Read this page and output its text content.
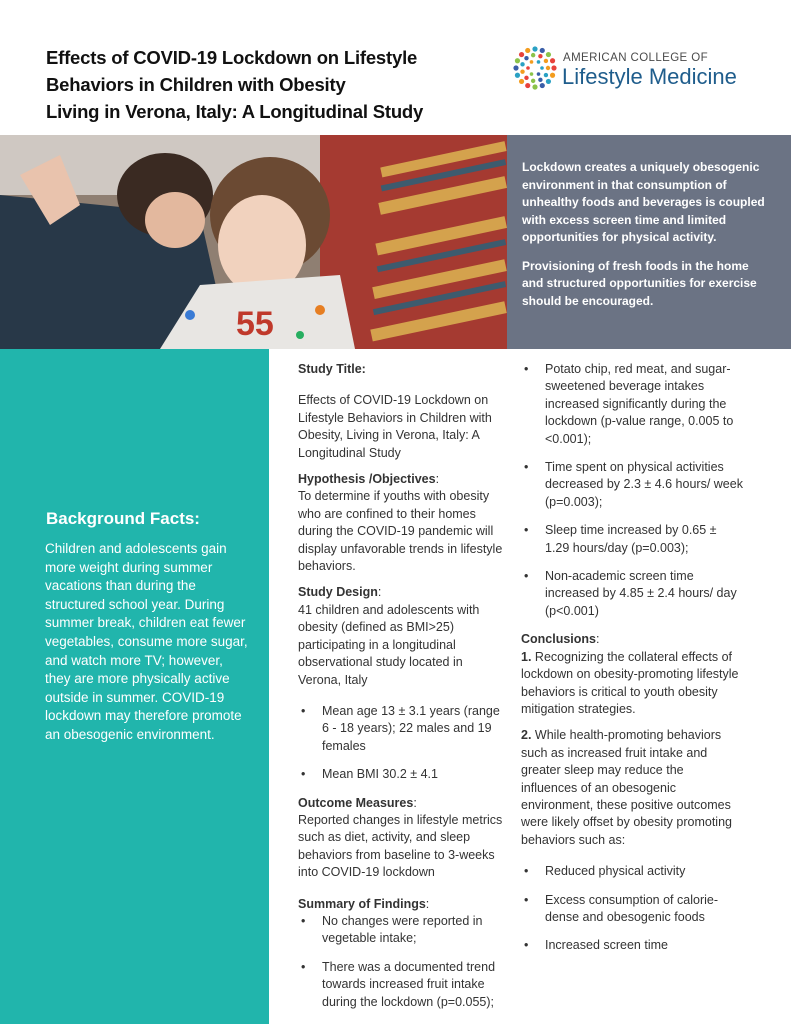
Effects of COVID-19 Lockdown on Lifestyle
Behaviors in Children with Obesity
Living in Verona, Italy: A Longitudinal Study
AMERICAN COLLEGE OF
Lifestyle Medicine
55

Lockdown creates a uniquely obesogenic environment in that consumption of unhealthy foods and beverages is coupled with excess screen time and limited opportunities for physical activity.

Provisioning of fresh foods in the home and structured opportunities for exercise should be encouraged.

Background Facts:
Children and adolescents gain more weight during summer vacations than during the structured school year. During summer break, children eat fewer vegetables, consume more sugar, and watch more TV; however, they are more physically active outside in summer. COVID-19 lockdown may therefore promote an obesogenic environment.
Study Title:
Effects of COVID-19 Lockdown on Lifestyle Behaviors in Children with Obesity, Living in Verona, Italy: A Longitudinal Study
Hypothesis /Objectives:
To determine if youths with obesity who are confined to their homes during the COVID-19 pandemic will display unfavorable trends in lifestyle behaviors.
Study Design:
41 children and adolescents with obesity (defined as BMI>25) participating in a longitudinal observational study located in Verona, Italy
• Mean age 13 ± 3.1 years (range 6 - 18 years); 22 males and 19 females
• Mean BMI 30.2 ± 4.1
Outcome Measures:
Reported changes in lifestyle metrics such as diet, activity, and sleep behaviors from baseline to 3-weeks into COVID-19 lockdown
Summary of Findings:
• No changes were reported in vegetable intake;
• There was a documented trend towards increased fruit intake during the lockdown (p=0.055);
• Potato chip, red meat, and sugar-sweetened beverage intakes increased significantly during the lockdown (p-value range, 0.005 to <0.001);
• Time spent on physical activities decreased by 2.3 ± 4.6 hours/ week (p=0.003);
• Sleep time increased by 0.65 ± 1.29 hours/day (p=0.003);
• Non-academic screen time increased by 4.85 ± 2.4 hours/ day (p<0.001)
Conclusions:
1. Recognizing the collateral effects of lockdown on obesity-promoting lifestyle behaviors is critical to youth obesity mitigation strategies.
2. While health-promoting behaviors such as increased fruit intake and greater sleep may reduce the influences of an obesogenic environment, these positive outcomes were likely offset by obesity promoting behaviors such as:
• Reduced physical activity
• Excess consumption of calorie-dense and obesogenic foods
• Increased screen time
